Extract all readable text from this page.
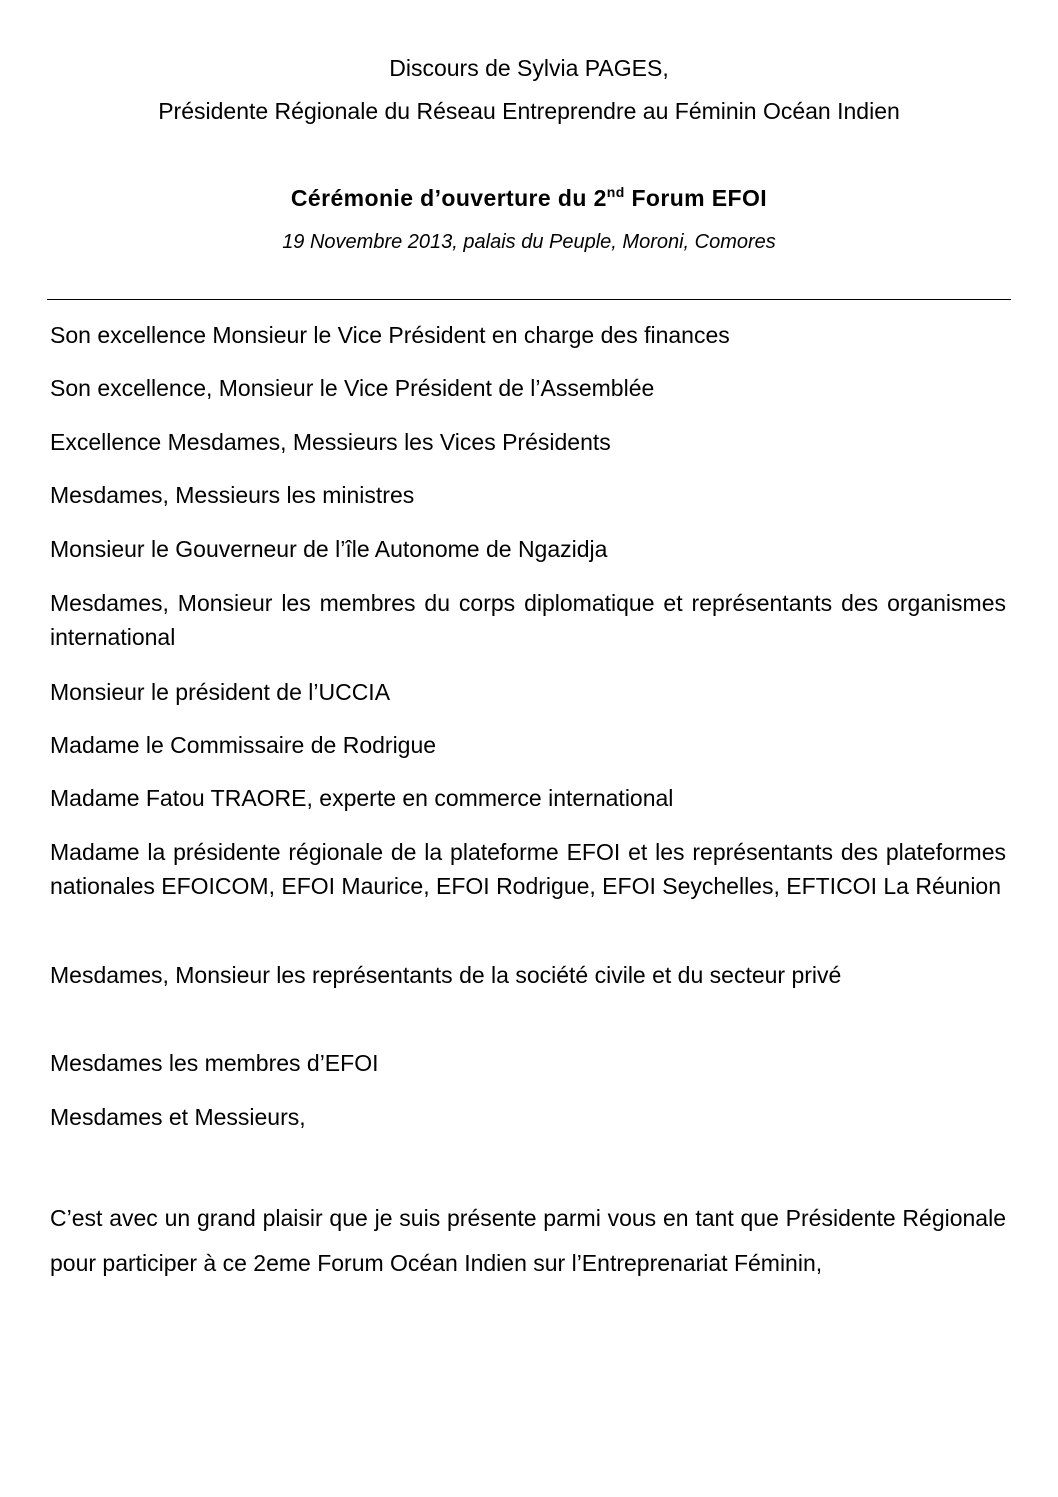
Discours de Sylvia PAGES,
Présidente Régionale du Réseau Entreprendre au Féminin Océan Indien
Cérémonie d’ouverture du 2nd Forum EFOI
19 Novembre 2013, palais du Peuple, Moroni, Comores
Son excellence Monsieur le Vice Président en charge des finances
Son excellence, Monsieur le Vice Président de l’Assemblée
Excellence Mesdames, Messieurs les Vices Présidents
Mesdames, Messieurs les ministres
Monsieur le Gouverneur de l’île Autonome de Ngazidja
Mesdames, Monsieur les membres du corps diplomatique et représentants des organismes international
Monsieur le président de l’UCCIA
Madame le Commissaire de Rodrigue
Madame Fatou TRAORE, experte en commerce international
Madame la présidente régionale de la plateforme EFOI et les représentants des plateformes nationales EFOICOM, EFOI Maurice, EFOI Rodrigue, EFOI Seychelles, EFTICOI La Réunion
Mesdames, Monsieur les représentants de la société civile et du secteur privé
Mesdames les membres d’EFOI
Mesdames et Messieurs,
C’est avec un grand plaisir que je suis présente parmi vous en tant que Présidente Régionale pour participer à ce 2eme Forum Océan Indien sur l’Entreprenariat Féminin,
